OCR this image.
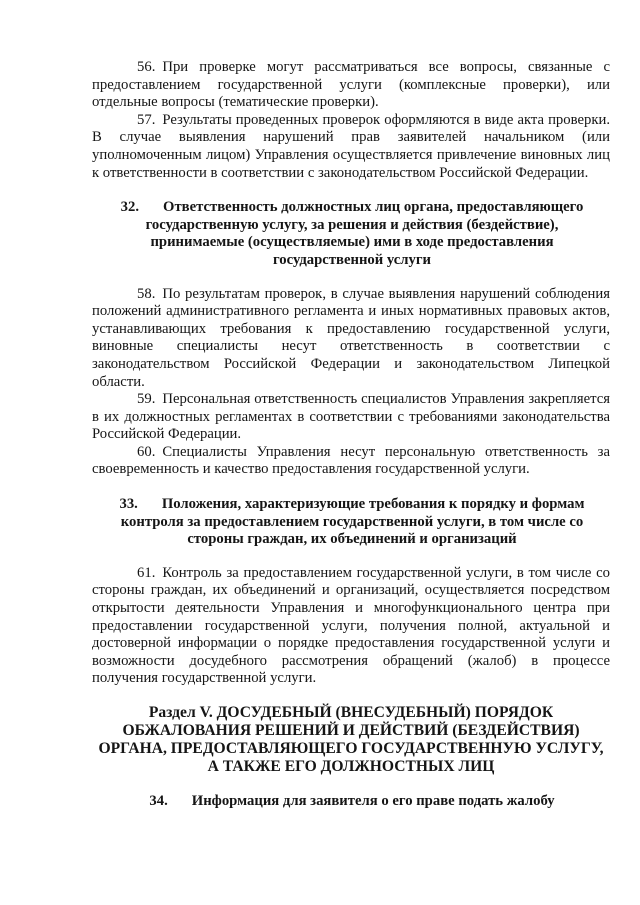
56. При проверке могут рассматриваться все вопросы, связанные с предоставлением государственной услуги (комплексные проверки), или отдельные вопросы (тематические проверки).

57. Результаты проведенных проверок оформляются в виде акта проверки. В случае выявления нарушений прав заявителей начальником (или уполномоченным лицом) Управления осуществляется привлечение виновных лиц к ответственности в соответствии с законодательством Российской Федерации.

32. Ответственность должностных лиц органа, предоставляющего государственную услугу, за решения и действия (бездействие), принимаемые (осуществляемые) ими в ходе предоставления государственной услуги

58. По результатам проверок, в случае выявления нарушений соблюдения положений административного регламента и иных нормативных правовых актов, устанавливающих требования к предоставлению государственной услуги, виновные специалисты несут ответственность в соответствии с законодательством Российской Федерации и законодательством Липецкой области.

59. Персональная ответственность специалистов Управления закрепляется в их должностных регламентах в соответствии с требованиями законодательства Российской Федерации.

60. Специалисты Управления несут персональную ответственность за своевременность и качество предоставления государственной услуги.

33. Положения, характеризующие требования к порядку и формам контроля за предоставлением государственной услуги, в том числе со стороны граждан, их объединений и организаций

61. Контроль за предоставлением государственной услуги, в том числе со стороны граждан, их объединений и организаций, осуществляется посредством открытости деятельности Управления и многофункционального центра при предоставлении государственной услуги, получения полной, актуальной и достоверной информации о порядке предоставления государственной услуги и возможности досудебного рассмотрения обращений (жалоб) в процессе получения государственной услуги.

Раздел V. ДОСУДЕБНЫЙ (ВНЕСУДЕБНЫЙ) ПОРЯДОК ОБЖАЛОВАНИЯ РЕШЕНИЙ И ДЕЙСТВИЙ (БЕЗДЕЙСТВИЯ) ОРГАНА, ПРЕДОСТАВЛЯЮЩЕГО ГОСУДАРСТВЕННУЮ УСЛУГУ, А ТАКЖЕ ЕГО ДОЛЖНОСТНЫХ ЛИЦ
34. Информация для заявителя о его праве подать жалобу
